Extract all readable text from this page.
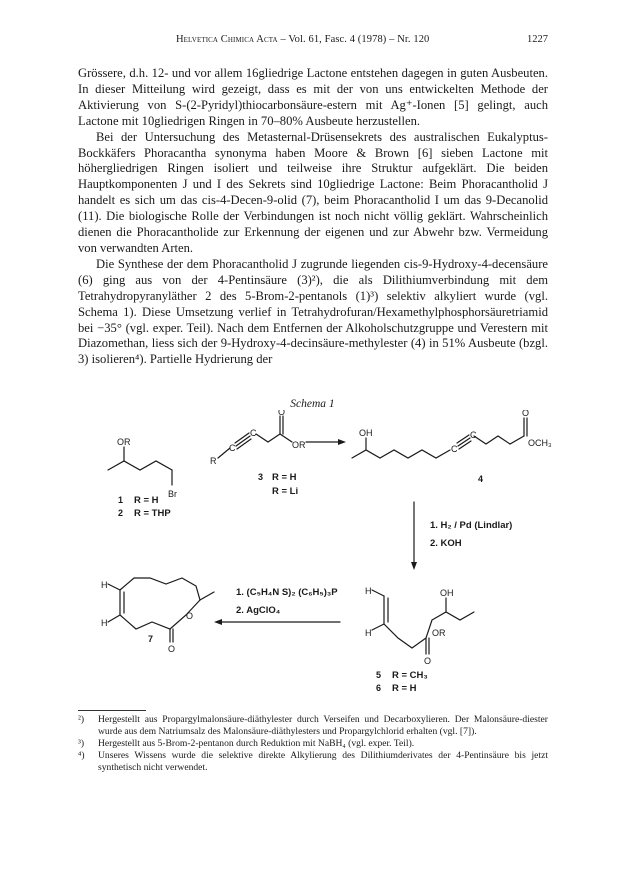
Helvetica Chimica Acta – Vol. 61, Fasc. 4 (1978) – Nr. 120	1227

Grössere, d.h. 12- und vor allem 16gliedrige Lactone entstehen dagegen in guten Ausbeuten. In dieser Mitteilung wird gezeigt, dass es mit der von uns entwickelten Methode der Aktivierung von S-(2-Pyridyl)thiocarbonsäure-estern mit Ag⁺-Ionen [5] gelingt, auch Lactone mit 10gliedrigen Ringen in 70–80% Ausbeute herzustellen.

Bei der Untersuchung des Metasternal-Drüsensekrets des australischen Eukalyptus-Bockkäfers Phoracantha synonyma haben Moore & Brown [6] sieben Lactone mit höhergliedrigen Ringen isoliert und teilweise ihre Struktur aufgeklärt. Die beiden Hauptkomponenten J und I des Sekrets sind 10gliedrige Lactone: Beim Phoracantholid J handelt es sich um das cis-4-Decen-9-olid (7), beim Phoracantholid I um das 9-Decanolid (11). Die biologische Rolle der Verbindungen ist noch nicht völlig geklärt. Wahrscheinlich dienen die Phoracantholide zur Erkennung der eigenen und zur Abwehr bzw. Vermeidung von verwandten Arten.

Die Synthese der dem Phoracantholid J zugrunde liegenden cis-9-Hydroxy-4-decensäure (6) ging aus von der 4-Pentinsäure (3)²), die als Dilithiumverbindung mit dem Tetrahydropyranyläther 2 des 5-Brom-2-pentanols (1)³) selektiv alkyliert wurde (vgl. Schema 1). Diese Umsetzung verlief in Tetrahydrofuran/Hexamethylphosphorsäuretriamid bei −35° (vgl. exper. Teil). Nach dem Entfernen der Alkoholschutzgruppe und Verestern mit Diazomethan, liess sich der 9-Hydroxy-4-decinsäure-methylester (4) in 51% Ausbeute (bzgl. 3) isolieren⁴). Partielle Hydrierung der

Schema 1
OR
Br
R
C
C
O
OR
OH
C
C
O
OCH₃
H
H
O
O
H
H
OH
OR
O
1 R = H
2 R = THP
3 R = H
R = Li
4
5 R = CH₃
6 R = H
7
1. H₂ / Pd (Lindlar)
2. KOH
1. (C₅H₄N S)₂ (C₆H₅)₃P
2. AgClO₄
²) Hergestellt aus Propargylmalonsäure-diäthylester durch Verseifen und Decarboxylieren. Der Malonsäure-diester wurde aus dem Natriumsalz des Malonsäure-diäthylesters und Propargylchlorid erhalten (vgl. [7]).
³) Hergestellt aus 5-Brom-2-pentanon durch Reduktion mit NaBH₄ (vgl. exper. Teil).
⁴) Unseres Wissens wurde die selektive direkte Alkylierung des Dilithiumderivates der 4-Pentinsäure bis jetzt synthetisch nicht verwendet.
